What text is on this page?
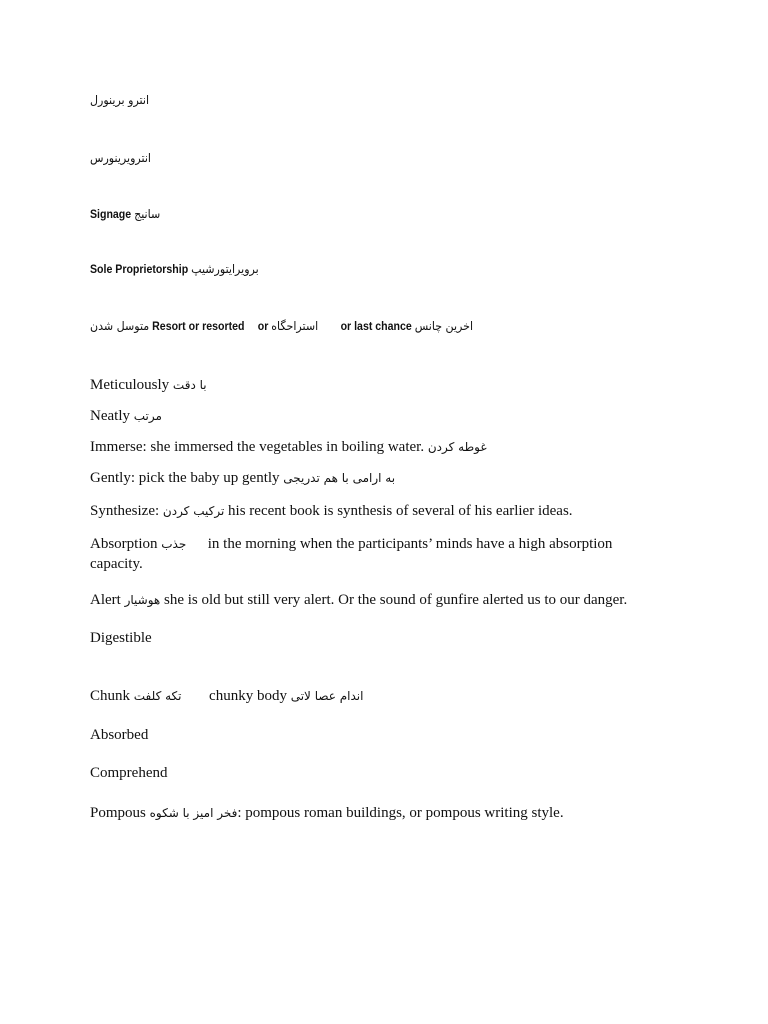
انترو برینورل
انترویرینورس
Signage سانیج
Sole Proprietorship برویرایتورشیپ
متوسل شدن Resort or resorted or استراحگاه or last chance اخرین چانس
Meticulously با دقت
Neatly مرتب
Immerse: she immersed the vegetables in boiling water. غوطه کردن
Gently: pick the baby up gently به ارامی با هم تدریجی
Synthesize: ترکیب کردن his recent book is synthesis of several of his earlier ideas.
Absorption جذب in the morning when the participants’ minds have a high absorption capacity.
Alert هوشیار she is old but still very alert. Or the sound of gunfire alerted us to our danger.
Digestible
Chunk تکه کلفت chunky body اندام عصا لاتی
Absorbed
Comprehend
Pompous فخر امیز با شکوه: pompous roman buildings, or pompous writing style.
